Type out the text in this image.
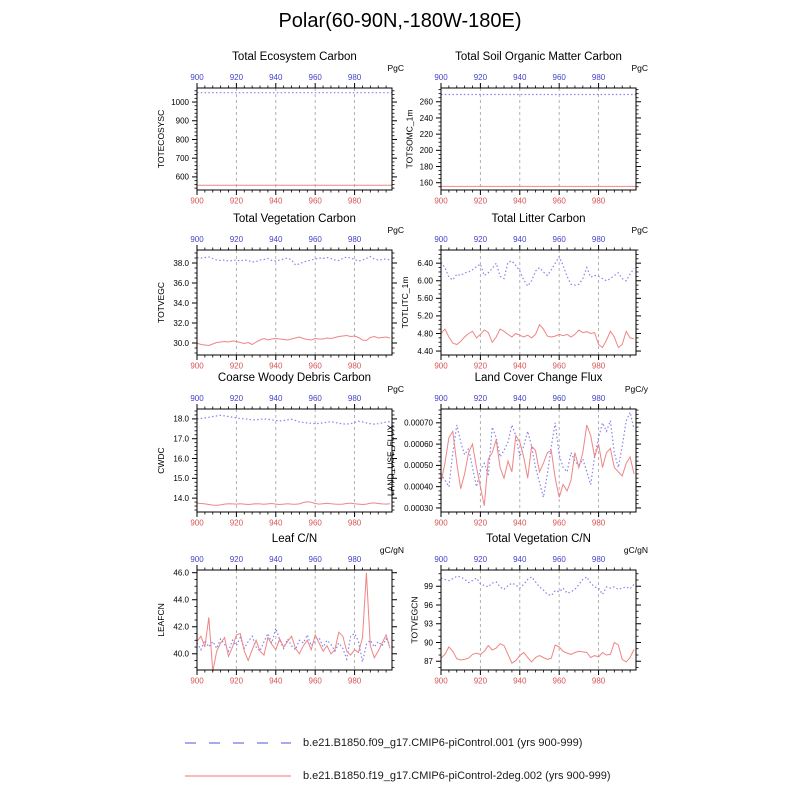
Polar(60-90N,-180W-180E)
900
900
920
920
940
940
960
960
980
980
600
700
800
900
1000
Total Ecosystem Carbon
PgC
TOTECOSYSC
900
900
920
920
940
940
960
960
980
980
160
180
200
220
240
260
Total Soil Organic Matter Carbon
PgC
TOTSOMC_1m
900
900
920
920
940
940
960
960
980
980
30.0
32.0
34.0
36.0
38.0
Total Vegetation Carbon
PgC
TOTVEGC
900
900
920
920
940
940
960
960
980
980
4.40
4.80
5.20
5.60
6.00
6.40
Total Litter Carbon
PgC
TOTLITC_1m
900
900
920
920
940
940
960
960
980
980
14.0
15.0
16.0
17.0
18.0
Coarse Woody Debris Carbon
PgC
CWDC
900
900
920
920
940
940
960
960
980
980
0.00030
0.00040
0.00050
0.00060
0.00070
Land Cover Change Flux
PgC/y
LAND_USE_FLUX
900
900
920
920
940
940
960
960
980
980
40.0
42.0
44.0
46.0
Leaf C/N
gC/gN
LEAFCN
900
900
920
920
940
940
960
960
980
980
87
90
93
96
99
Total Vegetation C/N
gC/gN
TOTVEGCN
b.e21.B1850.f09_g17.CMIP6-piControl.001 (yrs 900-999)
b.e21.B1850.f19_g17.CMIP6-piControl-2deg.002 (yrs 900-999)
